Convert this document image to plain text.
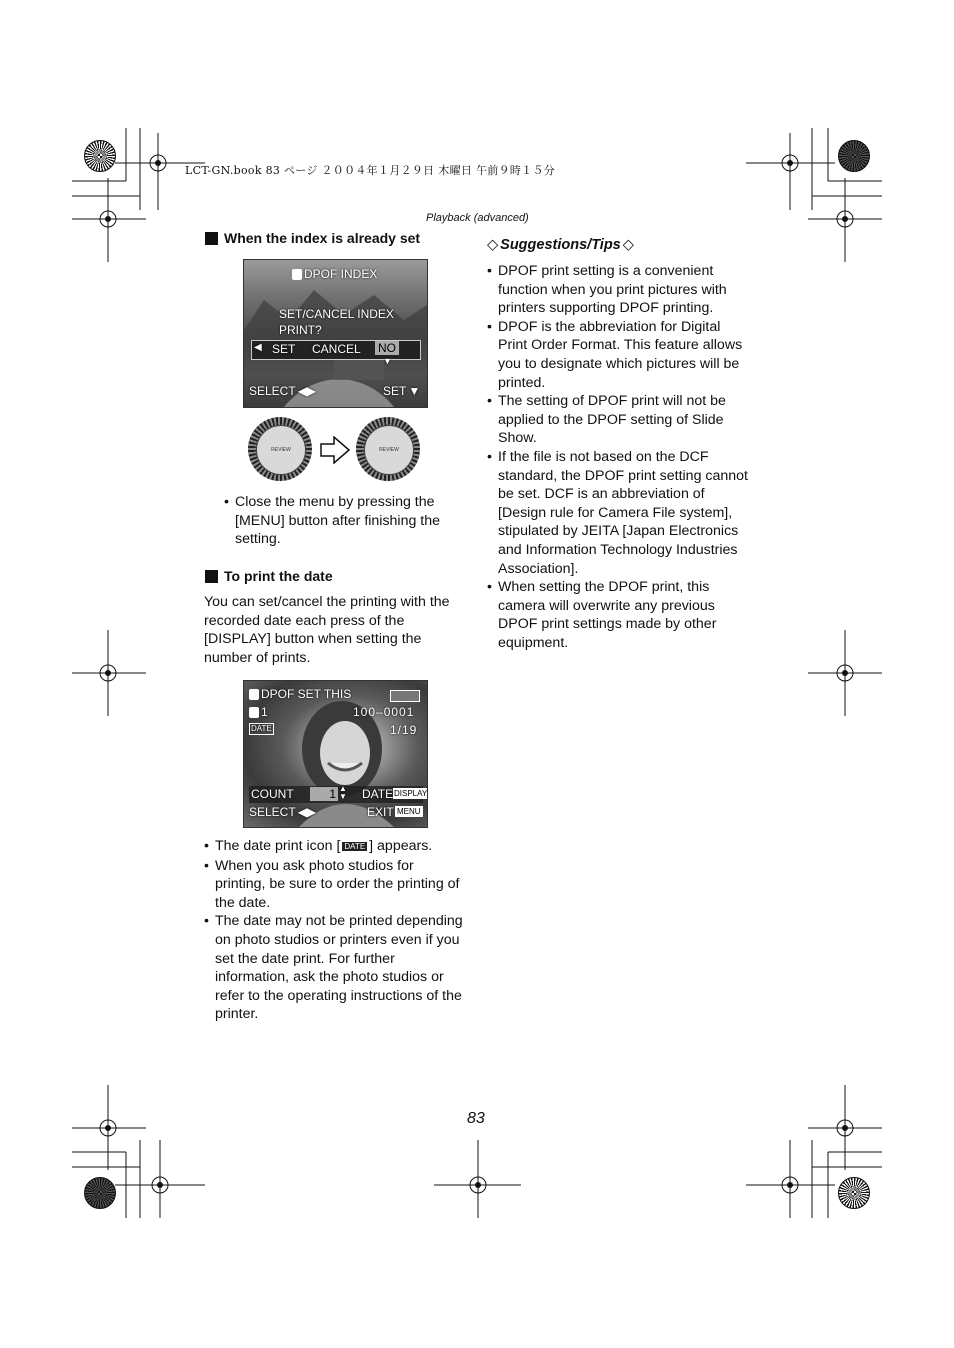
LCT-GN.book 83 ページ ２００４年１月２９日 木曜日 午前９時１５分
Playback (advanced)
When the index is already set
DPOF INDEX
SET/CANCEL INDEX
PRINT?
◀ SET CANCEL NO
▼
SELECT ◀▶	SET ▼
REVIEW	REVIEW
• Close the menu by pressing the [MENU] button after finishing the setting.
To print the date
You can set/cancel the printing with the recorded date each press of the [DISPLAY] button when setting the number of prints.
DPOF SET THIS
1	100–0001
DATE	1/19
COUNT	1 ▲
▼ DATE DISPLAY
SELECT ◀▶	EXIT MENU
• The date print icon [ DATE ] appears.
• When you ask photo studios for printing, be sure to order the printing of the date.
• The date may not be printed depending on photo studios or printers even if you set the date print. For further information, ask the photo studios or refer to the operating instructions of the printer.
◇ Suggestions/Tips ◇
• DPOF print setting is a convenient function when you print pictures with printers supporting DPOF printing.
• DPOF is the abbreviation for Digital Print Order Format. This feature allows you to designate which pictures will be printed.
• The setting of DPOF print will not be applied to the DPOF setting of Slide Show.
• If the file is not based on the DCF standard, the DPOF print setting cannot be set. DCF is an abbreviation of [Design rule for Camera File system], stipulated by JEITA [Japan Electronics and Information Technology Industries Association].
• When setting the DPOF print, this camera will overwrite any previous DPOF print settings made by other equipment.
83
